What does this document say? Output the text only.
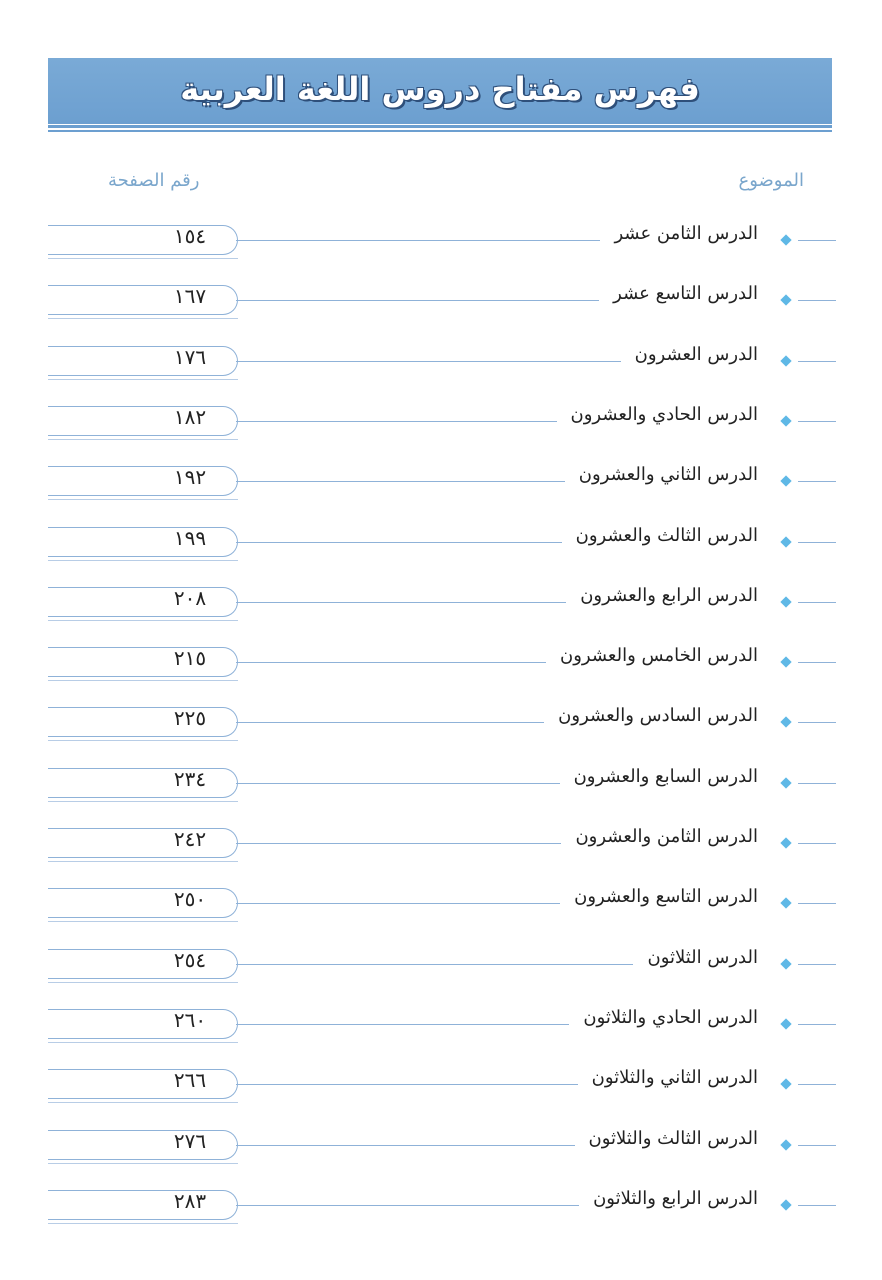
فهرس مفتاح دروس اللغة العربية
الموضوع
رقم الصفحة
الدرس الثامن عشر
١٥٤
الدرس التاسع عشر
١٦٧
الدرس العشرون
١٧٦
الدرس الحادي والعشرون
١٨٢
الدرس الثاني والعشرون
١٩٢
الدرس الثالث والعشرون
١٩٩
الدرس الرابع والعشرون
٢٠٨
الدرس الخامس والعشرون
٢١٥
الدرس السادس والعشرون
٢٢٥
الدرس السابع والعشرون
٢٣٤
الدرس الثامن والعشرون
٢٤٢
الدرس التاسع والعشرون
٢٥٠
الدرس الثلاثون
٢٥٤
الدرس الحادي والثلاثون
٢٦٠
الدرس الثاني والثلاثون
٢٦٦
الدرس الثالث والثلاثون
٢٧٦
الدرس الرابع والثلاثون
٢٨٣
